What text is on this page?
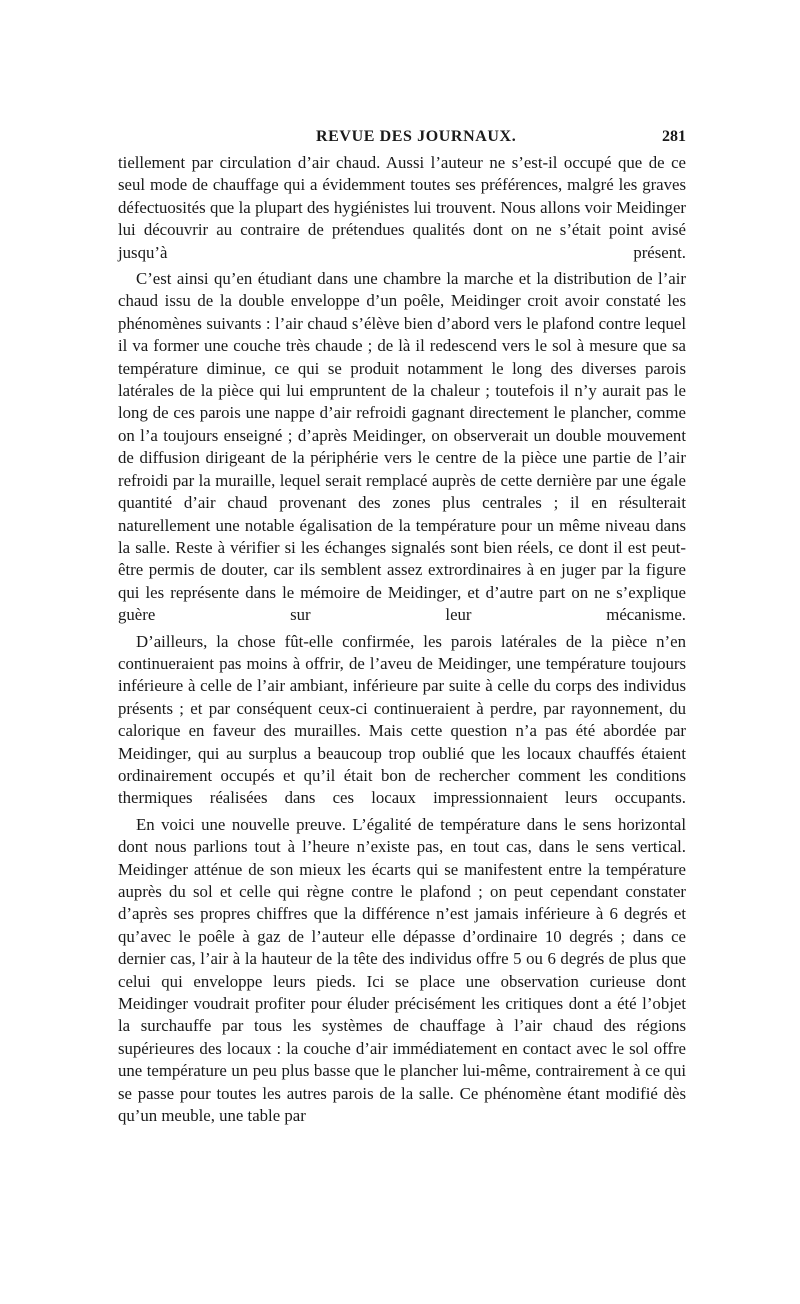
REVUE DES JOURNAUX.	281

tiellement par circulation d’air chaud. Aussi l’auteur ne s’est-il occupé que de ce seul mode de chauffage qui a évidemment toutes ses préférences, malgré les graves défectuosités que la plupart des hygiénistes lui trouvent. Nous allons voir Meidinger lui découvrir au contraire de prétendues qualités dont on ne s’était point avisé jusqu’à présent.

C’est ainsi qu’en étudiant dans une chambre la marche et la distribution de l’air chaud issu de la double enveloppe d’un poêle, Meidinger croit avoir constaté les phénomènes suivants : l’air chaud s’élève bien d’abord vers le plafond contre lequel il va former une couche très chaude ; de là il redescend vers le sol à mesure que sa température diminue, ce qui se produit notamment le long des diverses parois latérales de la pièce qui lui empruntent de la chaleur ; toutefois il n’y aurait pas le long de ces parois une nappe d’air refroidi gagnant directement le plancher, comme on l’a toujours enseigné ; d’après Meidinger, on observerait un double mouvement de diffusion dirigeant de la périphérie vers le centre de la pièce une partie de l’air refroidi par la muraille, lequel serait remplacé auprès de cette dernière par une égale quantité d’air chaud provenant des zones plus centrales ; il en résulterait naturellement une notable égalisation de la température pour un même niveau dans la salle. Reste à vérifier si les échanges signalés sont bien réels, ce dont il est peut-être permis de douter, car ils semblent assez extrordinaires à en juger par la figure qui les représente dans le mémoire de Meidinger, et d’autre part on ne s’explique guère sur leur mécanisme.

D’ailleurs, la chose fût-elle confirmée, les parois latérales de la pièce n’en continueraient pas moins à offrir, de l’aveu de Meidinger, une température toujours inférieure à celle de l’air ambiant, inférieure par suite à celle du corps des individus présents ; et par conséquent ceux-ci continueraient à perdre, par rayonnement, du calorique en faveur des murailles. Mais cette question n’a pas été abordée par Meidinger, qui au surplus a beaucoup trop oublié que les locaux chauffés étaient ordinairement occupés et qu’il était bon de rechercher comment les conditions thermiques réalisées dans ces locaux impressionnaient leurs occupants.

En voici une nouvelle preuve. L’égalité de température dans le sens horizontal dont nous parlions tout à l’heure n’existe pas, en tout cas, dans le sens vertical. Meidinger atténue de son mieux les écarts qui se manifestent entre la température auprès du sol et celle qui règne contre le plafond ; on peut cependant constater d’après ses propres chiffres que la différence n’est jamais inférieure à 6 degrés et qu’avec le poêle à gaz de l’auteur elle dépasse d’ordinaire 10 degrés ; dans ce dernier cas, l’air à la hauteur de la tête des individus offre 5 ou 6 degrés de plus que celui qui enveloppe leurs pieds. Ici se place une observation curieuse dont Meidinger voudrait profiter pour éluder précisément les critiques dont a été l’objet la surchauffe par tous les systèmes de chauffage à l’air chaud des régions supérieures des locaux : la couche d’air immédiatement en contact avec le sol offre une température un peu plus basse que le plancher lui-même, contrairement à ce qui se passe pour toutes les autres parois de la salle. Ce phénomène étant modifié dès qu’un meuble, une table par
